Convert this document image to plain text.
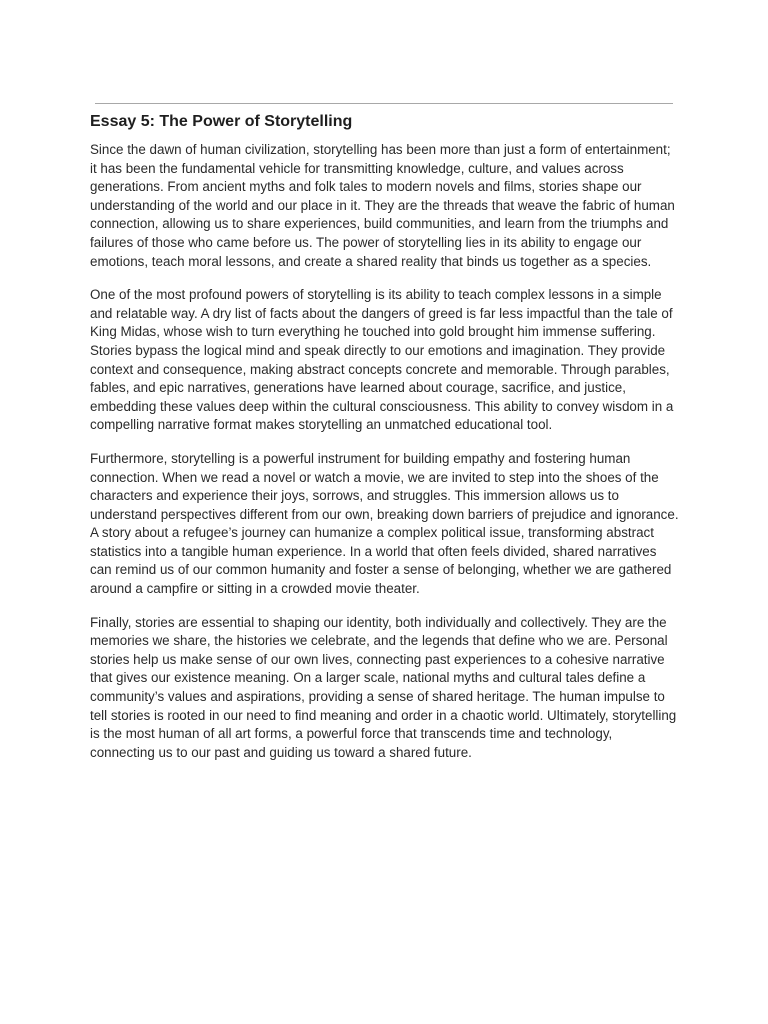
Essay 5: The Power of Storytelling

Since the dawn of human civilization, storytelling has been more than just a form of entertainment; it has been the fundamental vehicle for transmitting knowledge, culture, and values across generations. From ancient myths and folk tales to modern novels and films, stories shape our understanding of the world and our place in it. They are the threads that weave the fabric of human connection, allowing us to share experiences, build communities, and learn from the triumphs and failures of those who came before us. The power of storytelling lies in its ability to engage our emotions, teach moral lessons, and create a shared reality that binds us together as a species.

One of the most profound powers of storytelling is its ability to teach complex lessons in a simple and relatable way. A dry list of facts about the dangers of greed is far less impactful than the tale of King Midas, whose wish to turn everything he touched into gold brought him immense suffering. Stories bypass the logical mind and speak directly to our emotions and imagination. They provide context and consequence, making abstract concepts concrete and memorable. Through parables, fables, and epic narratives, generations have learned about courage, sacrifice, and justice, embedding these values deep within the cultural consciousness. This ability to convey wisdom in a compelling narrative format makes storytelling an unmatched educational tool.

Furthermore, storytelling is a powerful instrument for building empathy and fostering human connection. When we read a novel or watch a movie, we are invited to step into the shoes of the characters and experience their joys, sorrows, and struggles. This immersion allows us to understand perspectives different from our own, breaking down barriers of prejudice and ignorance. A story about a refugee’s journey can humanize a complex political issue, transforming abstract statistics into a tangible human experience. In a world that often feels divided, shared narratives can remind us of our common humanity and foster a sense of belonging, whether we are gathered around a campfire or sitting in a crowded movie theater.

Finally, stories are essential to shaping our identity, both individually and collectively. They are the memories we share, the histories we celebrate, and the legends that define who we are. Personal stories help us make sense of our own lives, connecting past experiences to a cohesive narrative that gives our existence meaning. On a larger scale, national myths and cultural tales define a community’s values and aspirations, providing a sense of shared heritage. The human impulse to tell stories is rooted in our need to find meaning and order in a chaotic world. Ultimately, storytelling is the most human of all art forms, a powerful force that transcends time and technology, connecting us to our past and guiding us toward a shared future.
